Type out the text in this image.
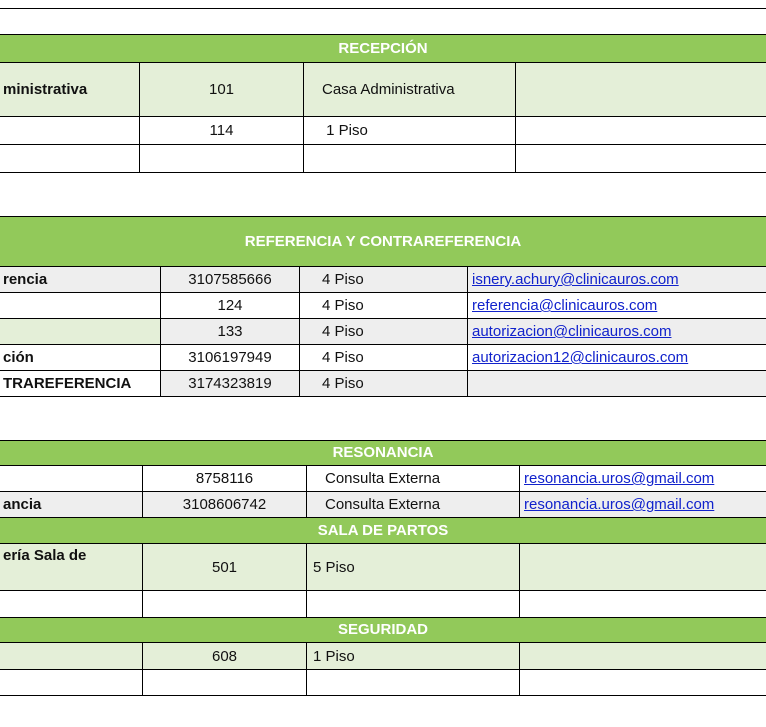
RECEPCIÓN
ministrativa	101	Casa Administrativa	
	114	1 Piso	

REFERENCIA Y CONTRAREFERENCIA
rencia	3107585666	4 Piso	isnery.achury@clinicauros.com
	124	4 Piso	referencia@clinicauros.com
	133	4 Piso	autorizacion@clinicauros.com
ción	3106197949	4 Piso	autorizacion12@clinicauros.com
TRAREFERENCIA	3174323819	4 Piso	
RESONANCIA
	8758116	Consulta Externa	resonancia.uros@gmail.com
ancia	3108606742	Consulta Externa	resonancia.uros@gmail.com
SALA DE PARTOS
ería Sala de	501	5 Piso	

SEGURIDAD
	608	1 Piso	
